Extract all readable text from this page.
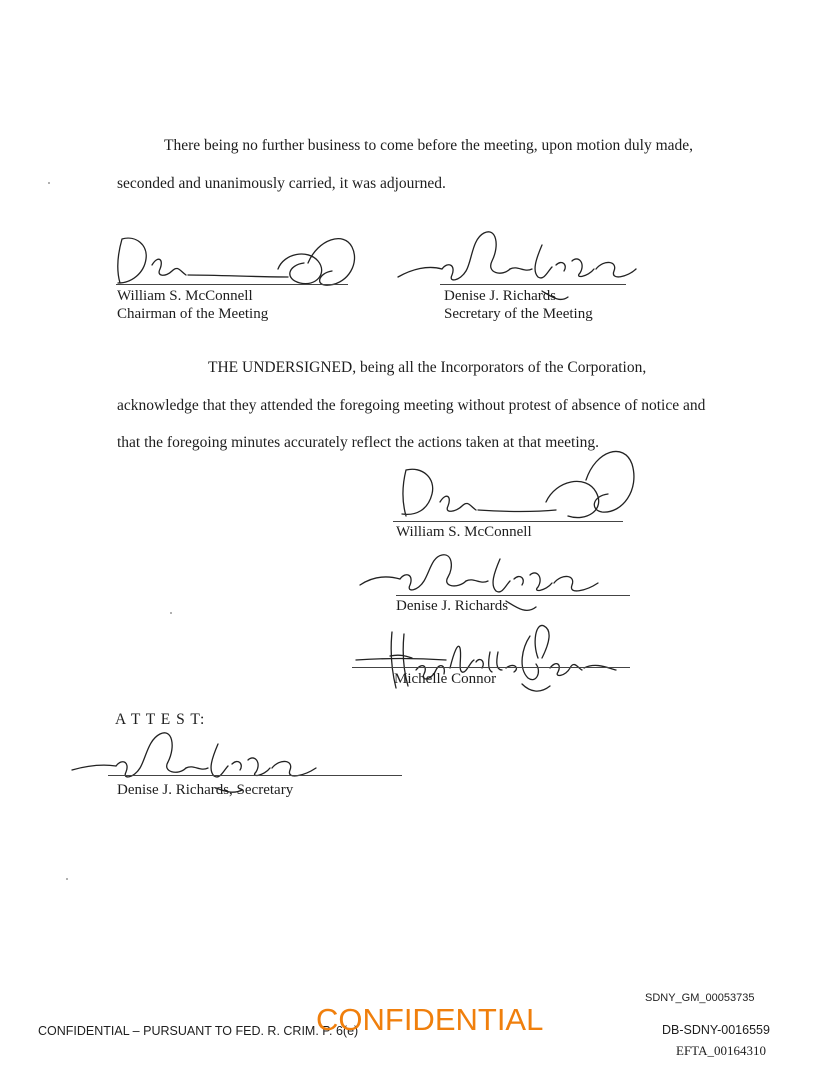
There being no further business to come before the meeting, upon motion duly made,
seconded and unanimously carried, it was adjourned.
William S. McConnell
Chairman of the Meeting
Denise J. Richards
Secretary of the Meeting
THE UNDERSIGNED, being all the Incorporators of the Corporation,
acknowledge that they attended the foregoing meeting without protest of absence of notice and
that the foregoing minutes accurately reflect the actions taken at that meeting.
William S. McConnell
Denise J. Richards
Michelle Connor
A T T E S T:
Denise J. Richards, Secretary
SDNY_GM_00053735
CONFIDENTIAL – PURSUANT TO FED. R. CRIM. P. 6(e)
CONFIDENTIAL	DB-SDNY-0016559
EFTA_00164310
